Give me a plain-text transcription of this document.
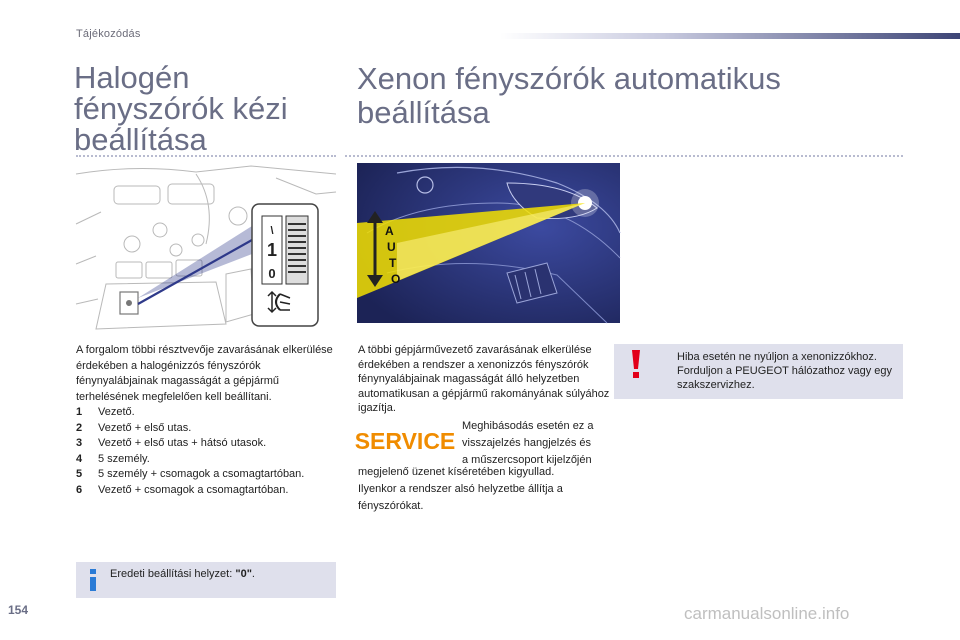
Tájékozódás
Halogén fényszórók kézi beállítása
Xenon fényszórók automatikus beállítása
\
1
0
A
U
T
O
A forgalom többi résztvevője zavarásának elkerülése érdekében a halogénizzós fényszórók fénynyalábjainak magasságát a gépjármű terhelésének megfelelően kell beállítani.
1	Vezető.
2	Vezető + első utas.
3	Vezető + első utas + hátsó utasok.
4	5 személy.
5	5 személy + csomagok a csomagtartóban.
6	Vezető + csomagok a csomagtartóban.
Eredeti beállítási helyzet: "0".
A többi gépjárművezető zavarásának elkerülése érdekében a rendszer a xenonizzós fényszórók fénynyalábjainak magasságát álló helyzetben automatikusan a gépjármű rakományának súlyához igazítja.
SERVICE
Meghibásodás esetén ez a
visszajelzés hangjelzés és
a műszercsoport kijelzőjén
megjelenő üzenet kíséretében kigyullad.
Ilyenkor a rendszer alsó helyzetbe állítja a
fényszórókat.
Hiba esetén ne nyúljon a xenonizzókhoz. Forduljon a PEUGEOT hálózathoz vagy egy szakszervizhez.
154	carmanualsonline.info
